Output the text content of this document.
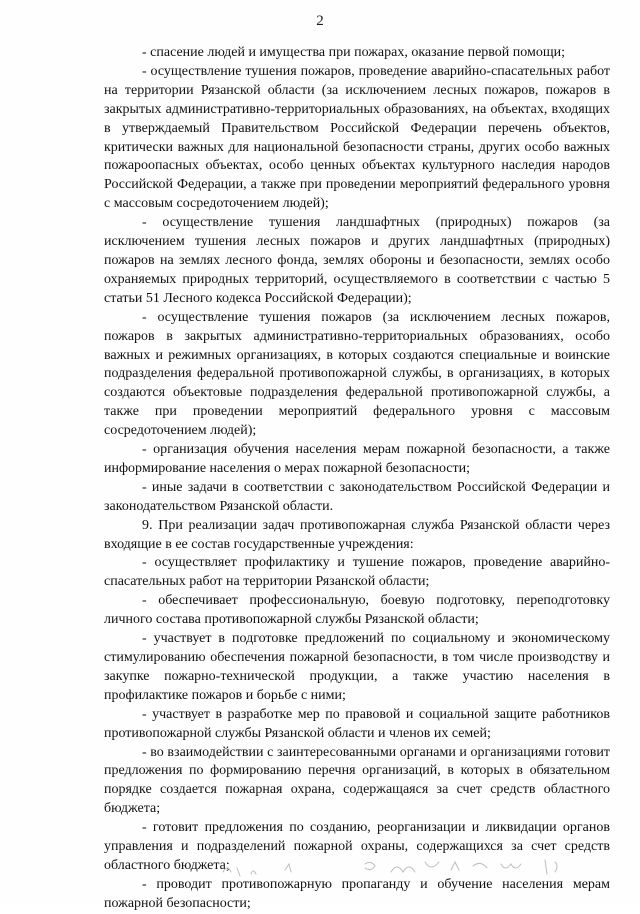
2

- спасение людей и имущества при пожарах, оказание первой помощи;

- осуществление тушения пожаров, проведение аварийно-спасательных работ на территории Рязанской области (за исключением лесных пожаров, пожаров в закрытых административно-территориальных образованиях, на объектах, входящих в утверждаемый Правительством Российской Федерации перечень объектов, критически важных для национальной безопасности страны, других особо важных пожароопасных объектах, особо ценных объектах культурного наследия народов Российской Федерации, а также при проведении мероприятий федерального уровня с массовым сосредоточением людей);

- осуществление тушения ландшафтных (природных) пожаров (за исключением тушения лесных пожаров и других ландшафтных (природных) пожаров на землях лесного фонда, землях обороны и безопасности, землях особо охраняемых природных территорий, осуществляемого в соответствии с частью 5 статьи 51 Лесного кодекса Российской Федерации);

- осуществление тушения пожаров (за исключением лесных пожаров, пожаров в закрытых административно-территориальных образованиях, особо важных и режимных организациях, в которых создаются специальные и воинские подразделения федеральной противопожарной службы, в организациях, в которых создаются объектовые подразделения федеральной противопожарной службы, а также при проведении мероприятий федерального уровня с массовым сосредоточением людей);

- организация обучения населения мерам пожарной безопасности, а также информирование населения о мерах пожарной безопасности;

- иные задачи в соответствии с законодательством Российской Федерации и законодательством Рязанской области.

9. При реализации задач противопожарная служба Рязанской области через входящие в ее состав государственные учреждения:

- осуществляет профилактику и тушение пожаров, проведение аварийно-спасательных работ на территории Рязанской области;

- обеспечивает профессиональную, боевую подготовку, переподготовку личного состава противопожарной службы Рязанской области;

- участвует в подготовке предложений по социальному и экономическому стимулированию обеспечения пожарной безопасности, в том числе производству и закупке пожарно-технической продукции, а также участию населения в профилактике пожаров и борьбе с ними;

- участвует в разработке мер по правовой и социальной защите работников противопожарной службы Рязанской области и членов их семей;

- во взаимодействии с заинтересованными органами и организациями готовит предложения по формированию перечня организаций, в которых в обязательном порядке создается пожарная охрана, содержащаяся за счет средств областного бюджета;

- готовит предложения по созданию, реорганизации и ликвидации органов управления и подразделений пожарной охраны, содержащихся за счет средств областного бюджета;

- проводит противопожарную пропаганду и обучение населения мерам пожарной безопасности;
